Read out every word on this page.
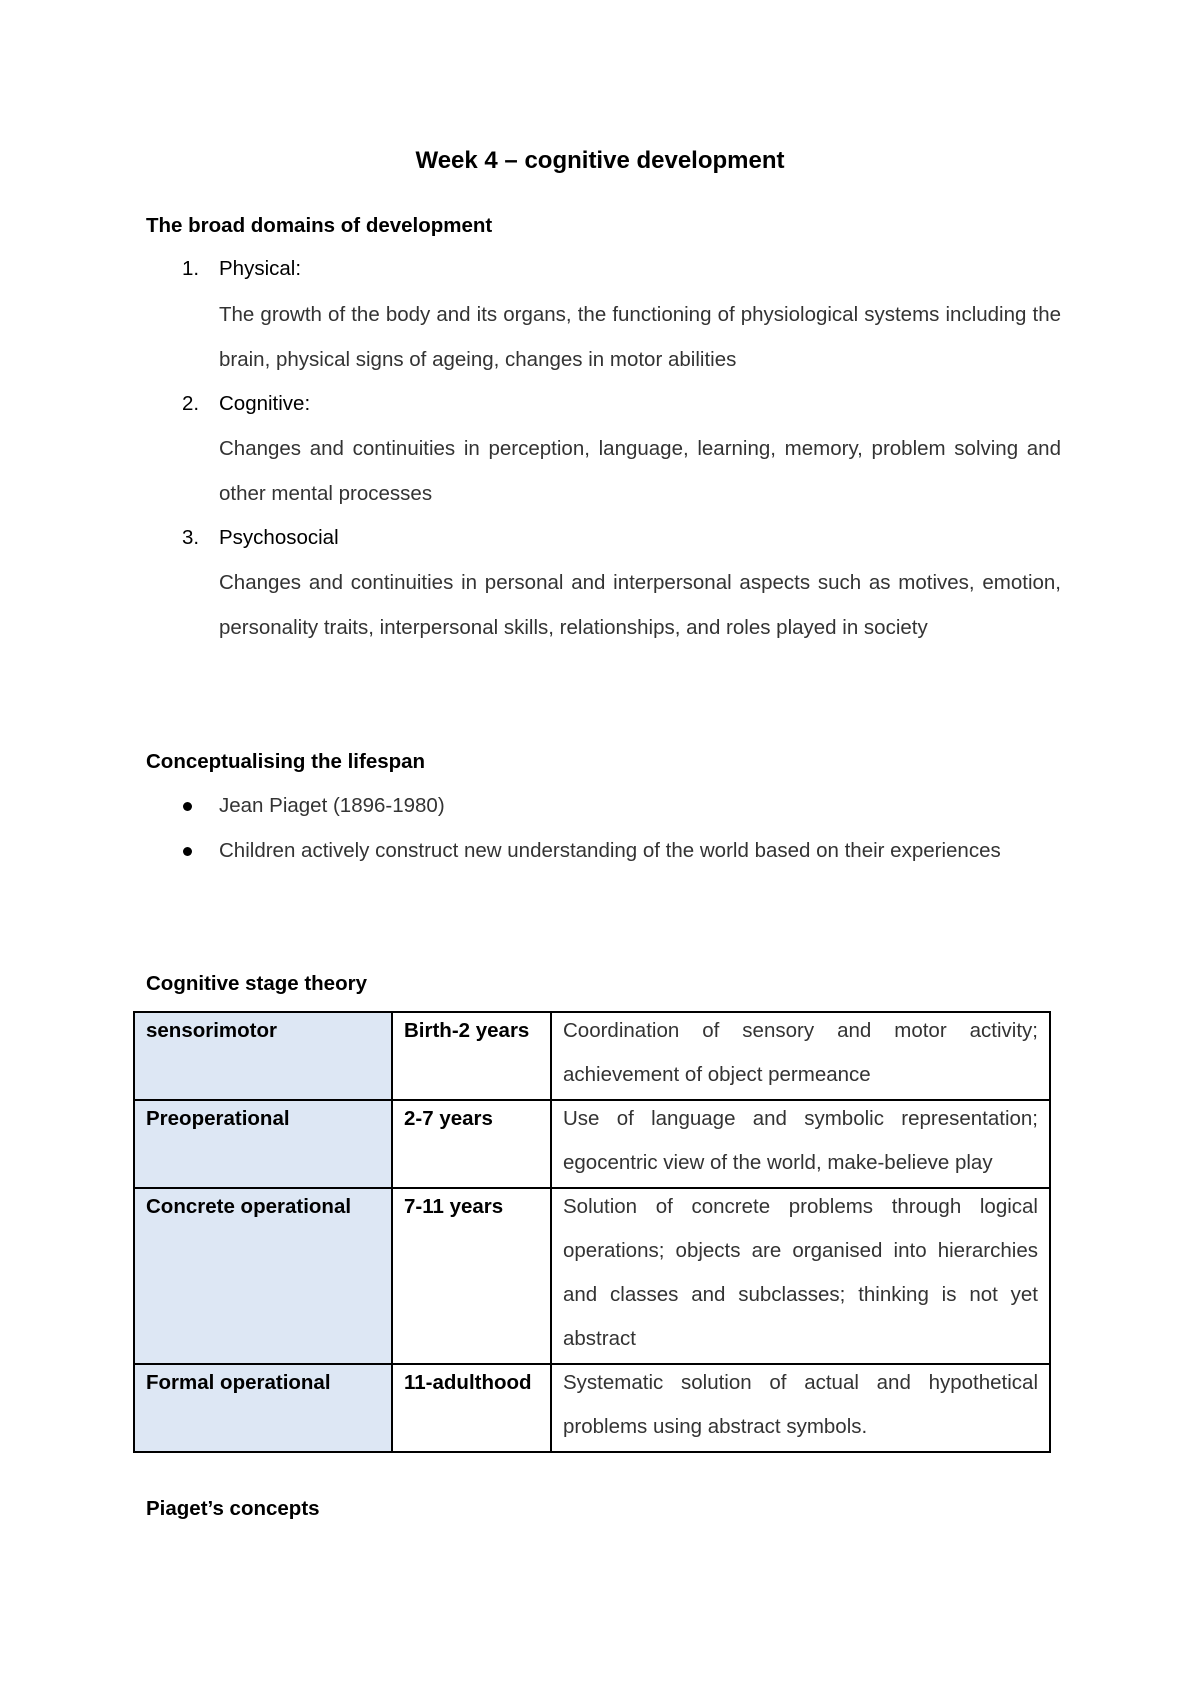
Week 4 – cognitive development
The broad domains of development
1. Physical:
The growth of the body and its organs, the functioning of physiological systems including the brain, physical signs of ageing, changes in motor abilities
2. Cognitive:
Changes and continuities in perception, language, learning, memory, problem solving and other mental processes
3. Psychosocial
Changes and continuities in personal and interpersonal aspects such as motives, emotion, personality traits, interpersonal skills, relationships, and roles played in society
Conceptualising the lifespan
Jean Piaget (1896-1980)
Children actively construct new understanding of the world based on their experiences
Cognitive stage theory
sensorimotor	Birth-2 years	Coordination of sensory and motor activity; achievement of object permeance

Preoperational	2-7 years	Use of language and symbolic representation; egocentric view of the world, make-believe play

Concrete operational	7-11 years	Solution of concrete problems through logical operations; objects are organised into hierarchies and classes and subclasses; thinking is not yet abstract

Formal operational	11-adulthood	Systematic solution of actual and hypothetical problems using abstract symbols.
Piaget’s concepts
